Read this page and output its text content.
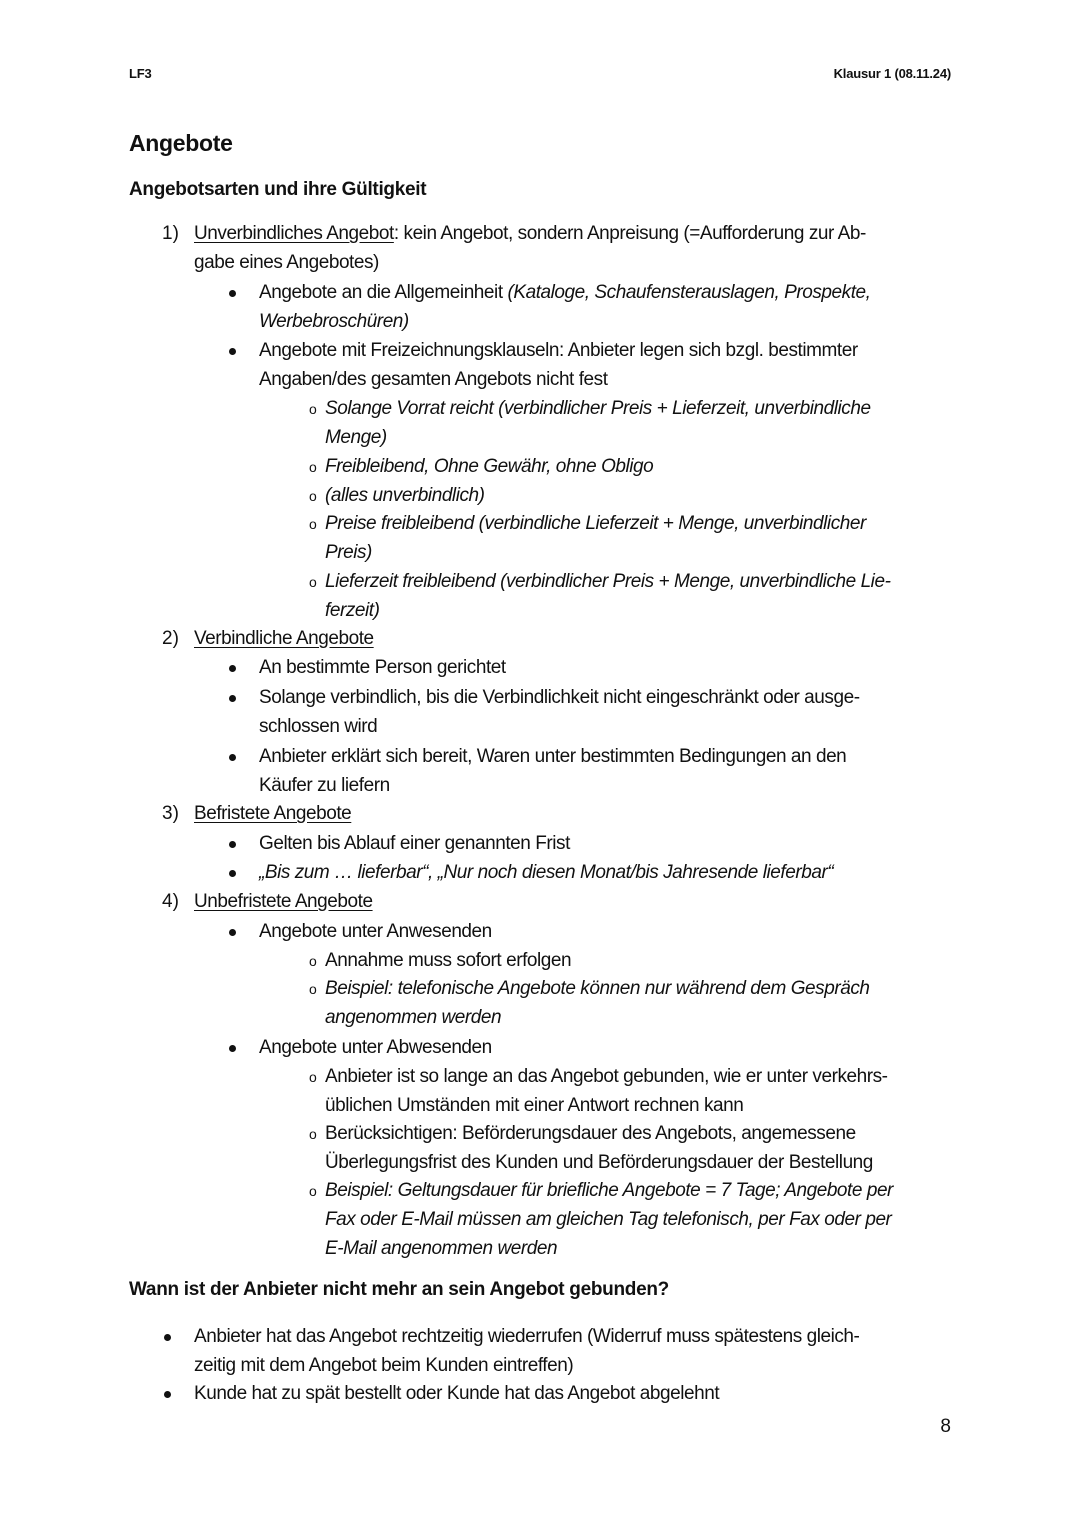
LF3	Klausur 1 (08.11.24)
Angebote
Angebotsarten und ihre Gültigkeit
1) Unverbindliches Angebot: kein Angebot, sondern Anpreisung (=Aufforderung zur Ab-
gabe eines Angebotes)
Angebote an die Allgemeinheit (Kataloge, Schaufensterauslagen, Prospekte,
Werbebroschüren)
Angebote mit Freizeichnungsklauseln: Anbieter legen sich bzgl. bestimmter
Angaben/des gesamten Angebots nicht fest
o Solange Vorrat reicht (verbindlicher Preis + Lieferzeit, unverbindliche
Menge)
o Freibleibend, Ohne Gewähr, ohne Obligo
o (alles unverbindlich)
o Preise freibleibend (verbindliche Lieferzeit + Menge, unverbindlicher
Preis)
o Lieferzeit freibleibend (verbindlicher Preis + Menge, unverbindliche Lie-
ferzeit)
2) Verbindliche Angebote
An bestimmte Person gerichtet
Solange verbindlich, bis die Verbindlichkeit nicht eingeschränkt oder ausge-
schlossen wird
Anbieter erklärt sich bereit, Waren unter bestimmten Bedingungen an den
Käufer zu liefern
3) Befristete Angebote
Gelten bis Ablauf einer genannten Frist
„Bis zum … lieferbar“, „Nur noch diesen Monat/bis Jahresende lieferbar“
4) Unbefristete Angebote
Angebote unter Anwesenden
o Annahme muss sofort erfolgen
o Beispiel: telefonische Angebote können nur während dem Gespräch
angenommen werden
Angebote unter Abwesenden
o Anbieter ist so lange an das Angebot gebunden, wie er unter verkehrs-
üblichen Umständen mit einer Antwort rechnen kann
o Berücksichtigen: Beförderungsdauer des Angebots, angemessene
Überlegungsfrist des Kunden und Beförderungsdauer der Bestellung
o Beispiel: Geltungsdauer für briefliche Angebote = 7 Tage; Angebote per
Fax oder E-Mail müssen am gleichen Tag telefonisch, per Fax oder per
E-Mail angenommen werden
Wann ist der Anbieter nicht mehr an sein Angebot gebunden?
Anbieter hat das Angebot rechtzeitig wiederrufen (Widerruf muss spätestens gleich-
zeitig mit dem Angebot beim Kunden eintreffen)
Kunde hat zu spät bestellt oder Kunde hat das Angebot abgelehnt
8
